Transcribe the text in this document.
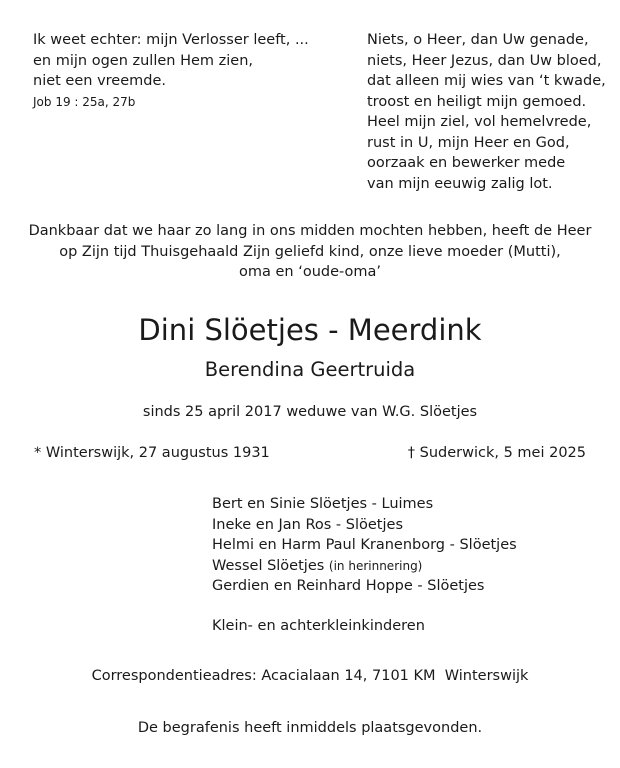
Ik weet echter: mijn Verlosser leeft, ...
en mijn ogen zullen Hem zien,
niet een vreemde.
Job 19 : 25a, 27b
Niets, o Heer, dan Uw genade,
niets, Heer Jezus, dan Uw bloed,
dat alleen mij wies van ‘t kwade,
troost en heiligt mijn gemoed.
Heel mijn ziel, vol hemelvrede,
rust in U, mijn Heer en God,
oorzaak en bewerker mede
van mijn eeuwig zalig lot.
Dankbaar dat we haar zo lang in ons midden mochten hebben, heeft de Heer
op Zijn tijd Thuisgehaald Zijn geliefd kind, onze lieve moeder (Mutti),
oma en ‘oude-oma’
Dini Slöetjes - Meerdink
Berendina Geertruida
sinds 25 april 2017 weduwe van W.G. Slöetjes
* Winterswijk, 27 augustus 1931	† Suderwick, 5 mei 2025
Bert en Sinie Slöetjes - Luimes
Ineke en Jan Ros - Slöetjes
Helmi en Harm Paul Kranenborg - Slöetjes
Wessel Slöetjes (in herinnering)
Gerdien en Reinhard Hoppe - Slöetjes
Klein- en achterkleinkinderen
Correspondentieadres: Acacialaan 14, 7101 KM  Winterswijk
De begrafenis heeft inmiddels plaatsgevonden.
